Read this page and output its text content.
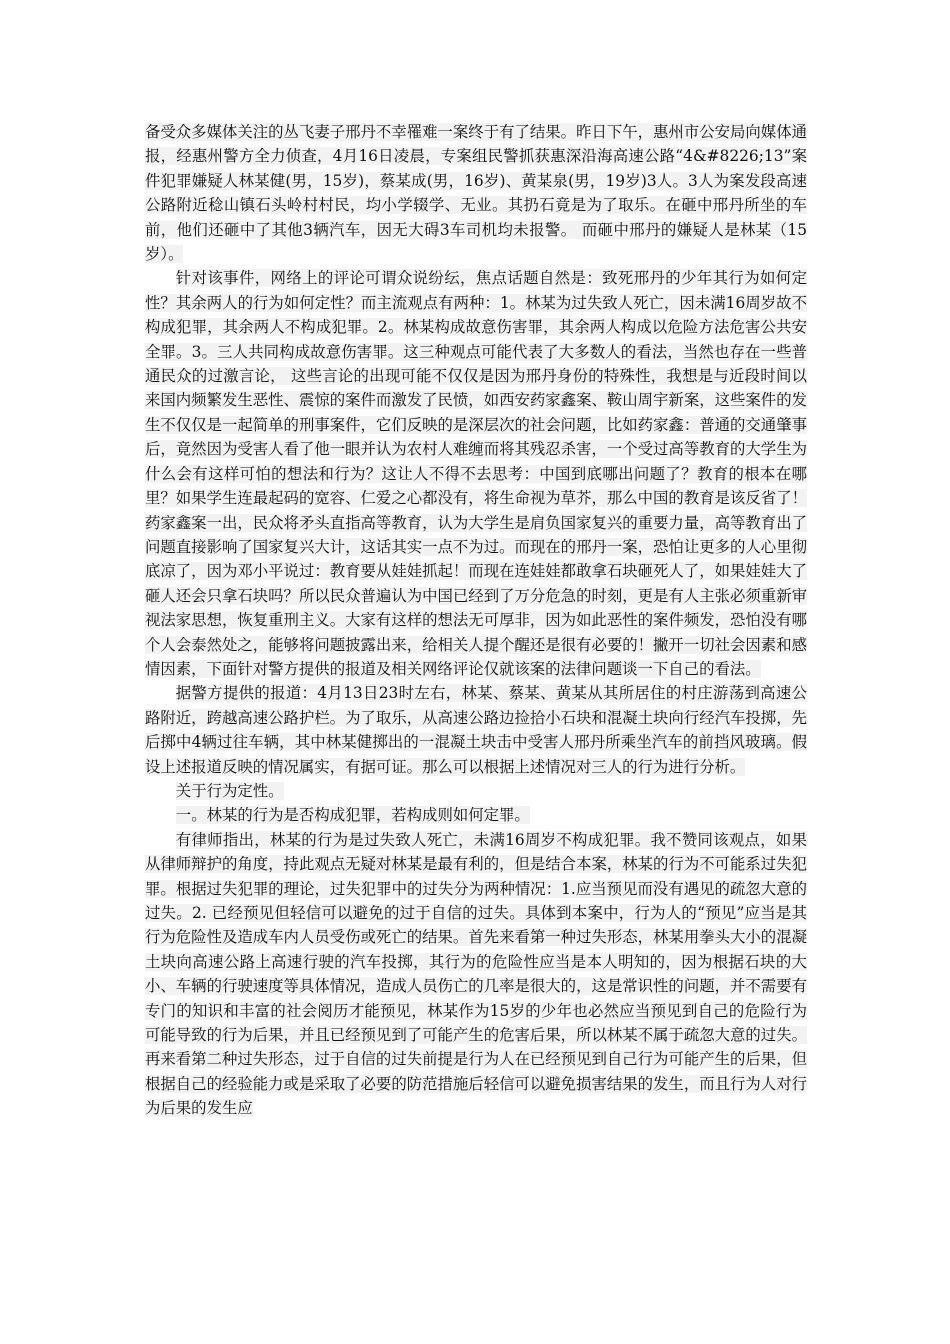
备受众多媒体关注的丛飞妻子邢丹不幸罹难一案终于有了结果。昨日下午，惠州市公安局向媒体通报，经惠州警方全力侦查，4月16日凌晨，专案组民警抓获惠深沿海高速公路“4&#8226;13”案件犯罪嫌疑人林某健(男，15岁)，蔡某成(男，16岁)、黄某泉(男，19岁)3人。3人为案发段高速公路附近稔山镇石头岭村村民，均小学辍学、无业。其扔石竟是为了取乐。在砸中邢丹所坐的车前，他们还砸中了其他3辆汽车，因无大碍3车司机均未报警。 而砸中邢丹的嫌疑人是林某（15岁）。

针对该事件，网络上的评论可谓众说纷纭，焦点话题自然是：致死邢丹的少年其行为如何定性？其余两人的行为如何定性？而主流观点有两种：1。林某为过失致人死亡，因未满16周岁故不构成犯罪，其余两人不构成犯罪。2。林某构成故意伤害罪，其余两人构成以危险方法危害公共安全罪。3。三人共同构成故意伤害罪。这三种观点可能代表了大多数人的看法，当然也存在一些普通民众的过激言论， 这些言论的出现可能不仅仅是因为邢丹身份的特殊性，我想是与近段时间以来国内频繁发生恶性、震惊的案件而激发了民愤，如西安药家鑫案、鞍山周宇新案，这些案件的发生不仅仅是一起简单的刑事案件，它们反映的是深层次的社会问题，比如药家鑫：普通的交通肇事后，竟然因为受害人看了他一眼并认为农村人难缠而将其残忍杀害，一个受过高等教育的大学生为什么会有这样可怕的想法和行为？这让人不得不去思考：中国到底哪出问题了？教育的根本在哪里？如果学生连最起码的宽容、仁爱之心都没有，将生命视为草芥，那么中国的教育是该反省了！药家鑫案一出，民众将矛头直指高等教育，认为大学生是肩负国家复兴的重要力量，高等教育出了问题直接影响了国家复兴大计，这话其实一点不为过。而现在的邢丹一案，恐怕让更多的人心里彻底凉了，因为邓小平说过：教育要从娃娃抓起！而现在连娃娃都敢拿石块砸死人了，如果娃娃大了砸人还会只拿石块吗？所以民众普遍认为中国已经到了万分危急的时刻，更是有人主张必须重新审视法家思想，恢复重刑主义。大家有这样的想法无可厚非，因为如此恶性的案件频发，恐怕没有哪个人会泰然处之，能够将问题披露出来，给相关人提个醒还是很有必要的！撇开一切社会因素和感情因素，下面针对警方提供的报道及相关网络评论仅就该案的法律问题谈一下自己的看法。

据警方提供的报道：4月13日23时左右，林某、蔡某、黄某从其所居住的村庄游荡到高速公路附近，跨越高速公路护栏。为了取乐，从高速公路边捡拾小石块和混凝土块向行经汽车投掷，先后掷中4辆过往车辆，其中林某健掷出的一混凝土块击中受害人邢丹所乘坐汽车的前挡风玻璃。假设上述报道反映的情况属实，有据可证。那么可以根据上述情况对三人的行为进行分析。

关于行为定性。

一。林某的行为是否构成犯罪，若构成则如何定罪。

有律师指出，林某的行为是过失致人死亡，未满16周岁不构成犯罪。我不赞同该观点，如果从律师辩护的角度，持此观点无疑对林某是最有利的，但是结合本案，林某的行为不可能系过失犯罪。根据过失犯罪的理论，过失犯罪中的过失分为两种情况：1.应当预见而没有遇见的疏忽大意的过失。2. 已经预见但轻信可以避免的过于自信的过失。具体到本案中，行为人的“预见”应当是其行为危险性及造成车内人员受伤或死亡的结果。首先来看第一种过失形态，林某用拳头大小的混凝土块向高速公路上高速行驶的汽车投掷，其行为的危险性应当是本人明知的，因为根据石块的大小、车辆的行驶速度等具体情况，造成人员伤亡的几率是很大的，这是常识性的问题，并不需要有专门的知识和丰富的社会阅历才能预见，林某作为15岁的少年也必然应当预见到自己的危险行为可能导致的行为后果，并且已经预见到了可能产生的危害后果，所以林某不属于疏忽大意的过失。再来看第二种过失形态，过于自信的过失前提是行为人在已经预见到自己行为可能产生的后果，但根据自己的经验能力或是采取了必要的防范措施后轻信可以避免损害结果的发生，而且行为人对行为后果的发生应
